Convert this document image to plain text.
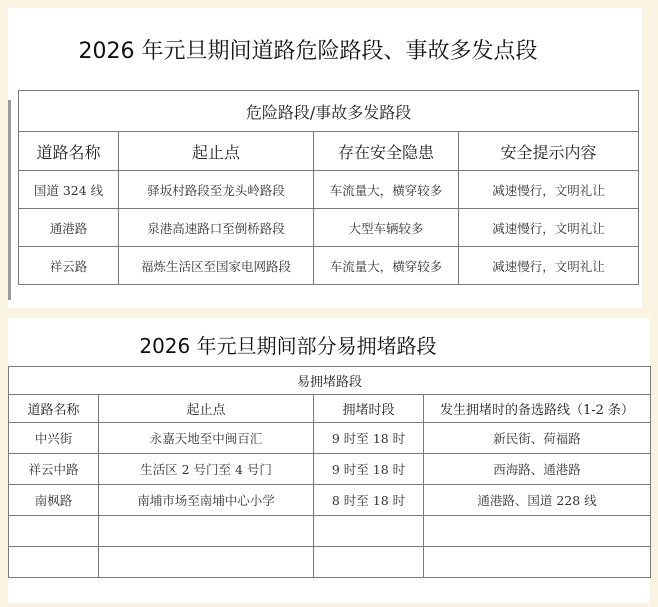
2026 年元旦期间道路危险路段、事故多发点段
危险路段/事故多发路段			
道路名称	起止点	存在安全隐患	安全提示内容
国道 324 线	驿坂村路段至龙头岭路段	车流量大，横穿较多	减速慢行，文明礼让
通港路	泉港高速路口至倒桥路段	大型车辆较多	减速慢行，文明礼让
祥云路	福炼生活区至国家电网路段	车流量大，横穿较多	减速慢行，文明礼让
2026 年元旦期间部分易拥堵路段
易拥堵路段			
道路名称	起止点	拥堵时段	发生拥堵时的备选路线（1-2 条）
中兴街	永嘉天地至中闽百汇	9 时至 18 时	新民街、荷福路
祥云中路	生活区 2 号门至 4 号门	9 时至 18 时	西海路、通港路
南枫路	南埔市场至南埔中心小学	8 时至 18 时	通港路、国道 228 线
